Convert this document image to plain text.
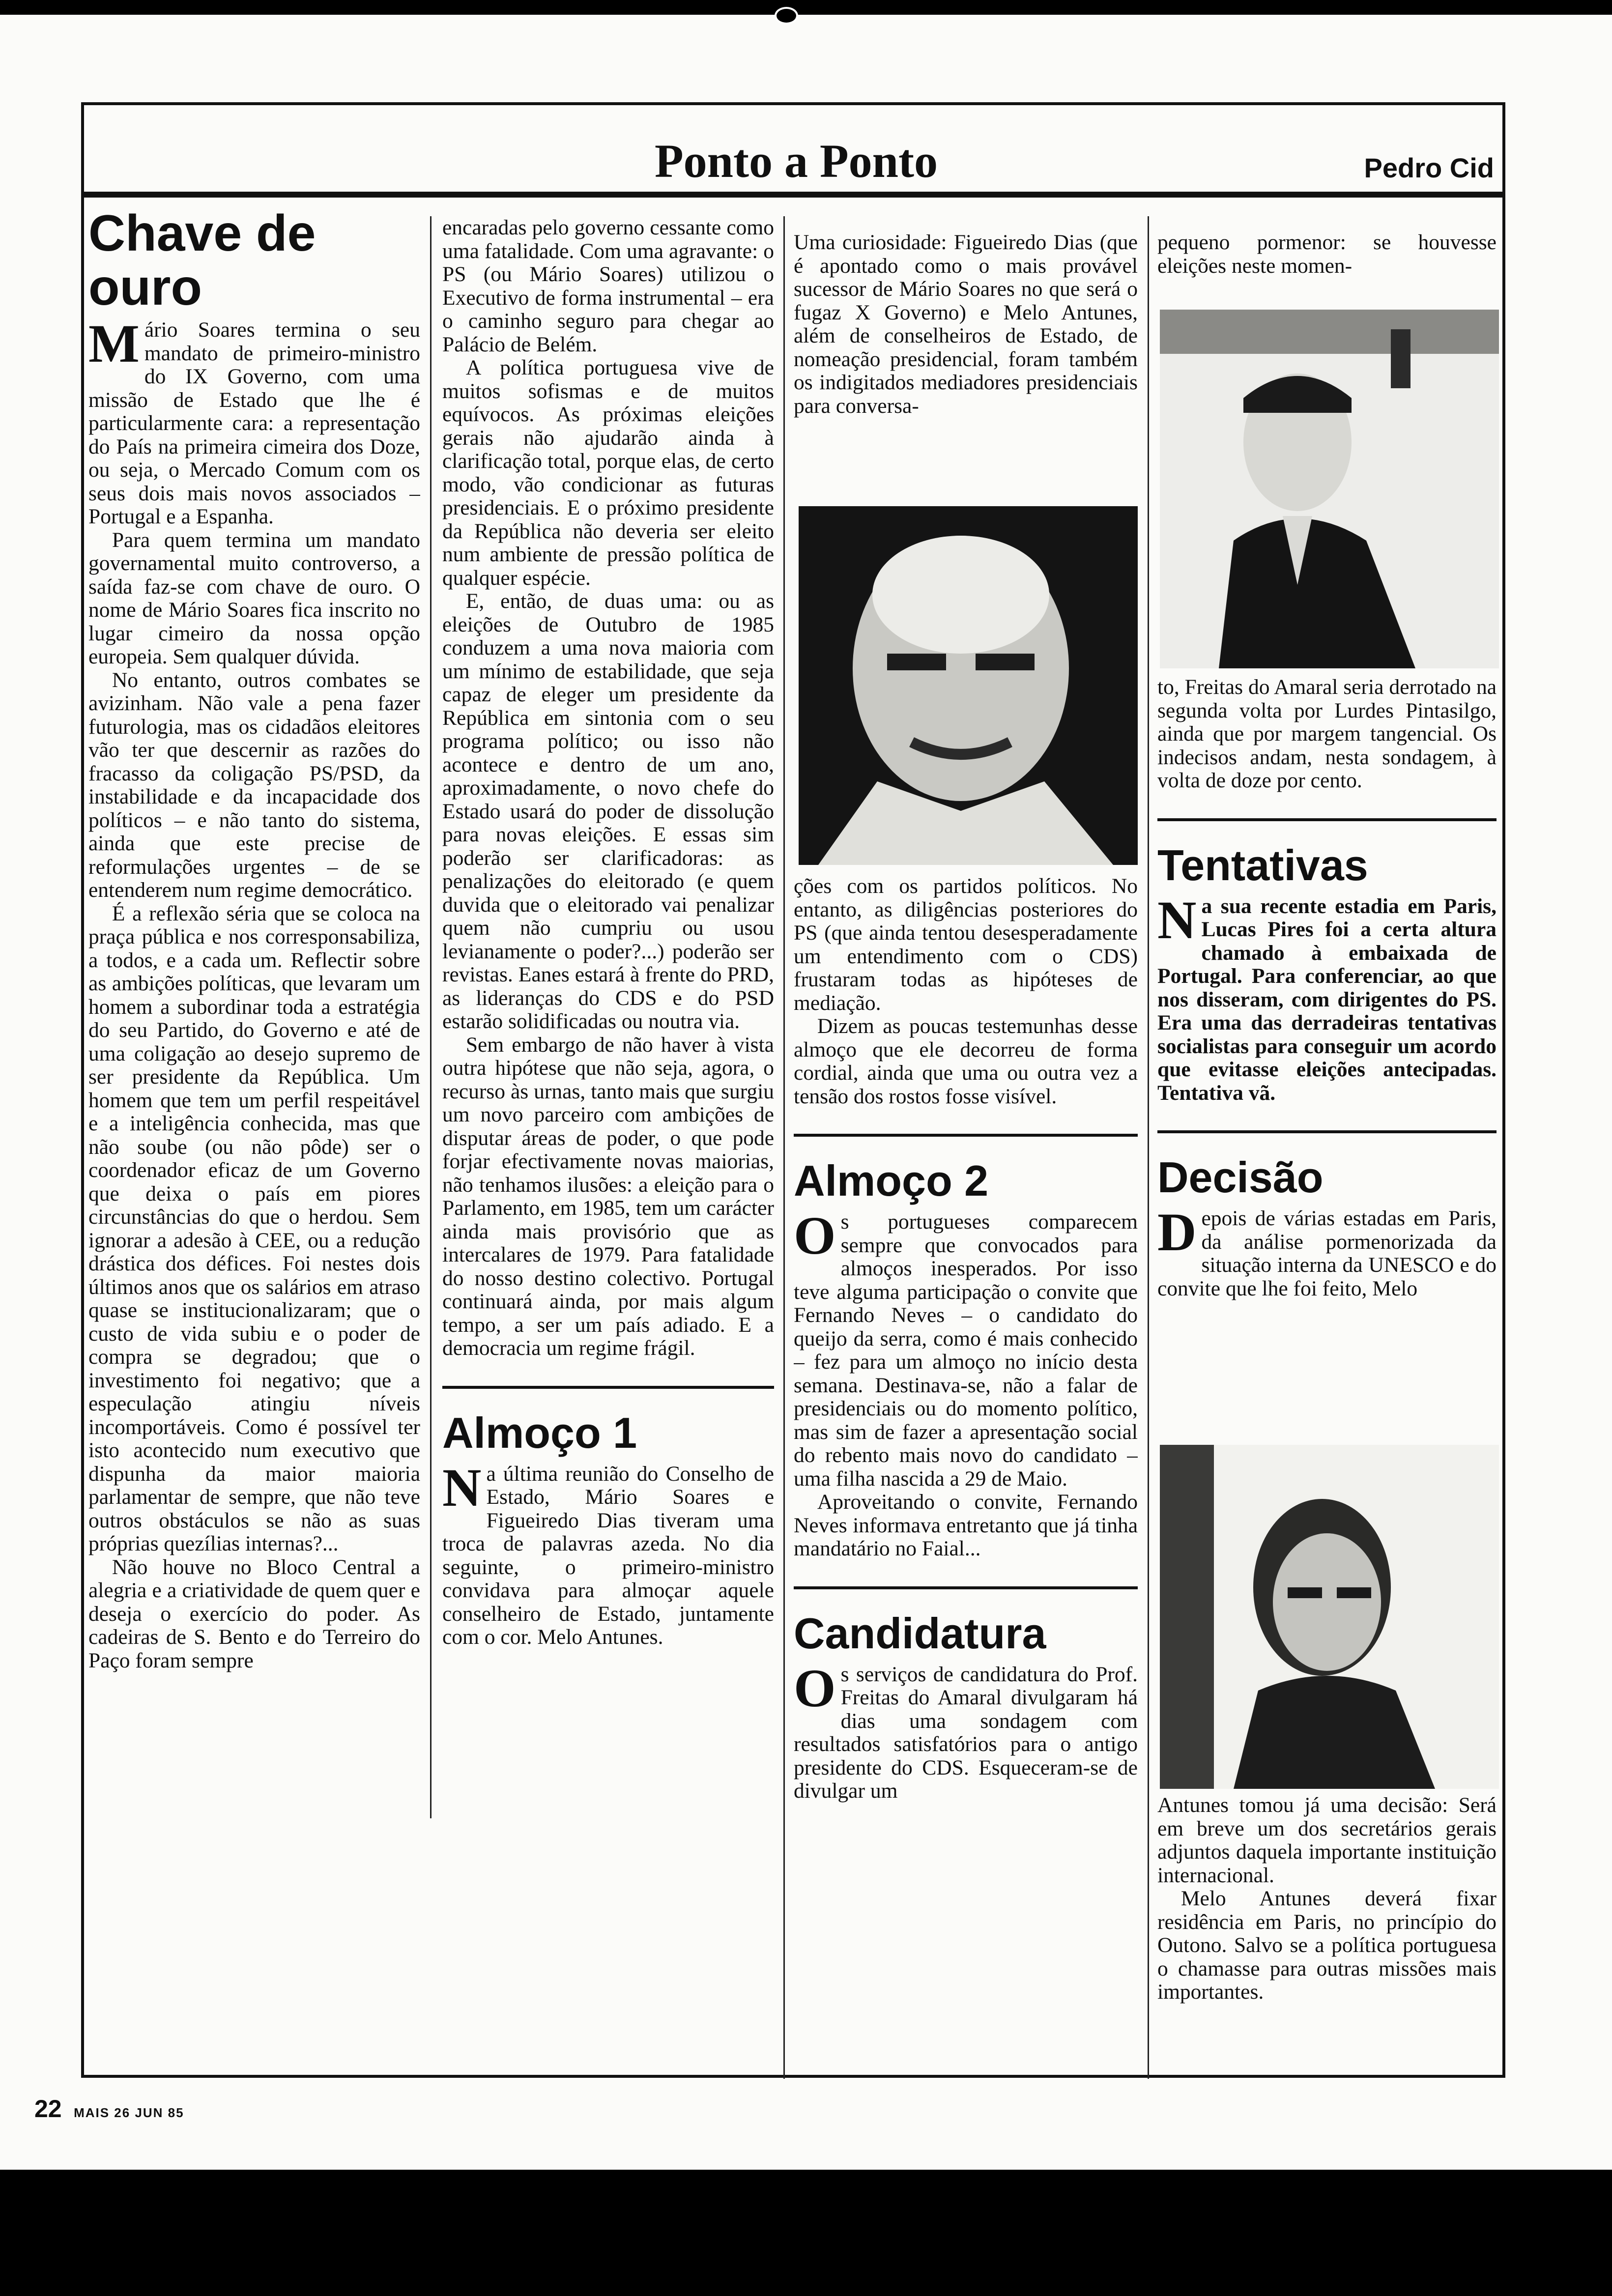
Ponto a Ponto	Pedro Cid
Chave de ouro

Mário Soares termina o seu mandato de primeiro-ministro do IX Governo, com uma missão de Estado que lhe é particularmente cara: a representação do País na primeira cimeira dos Doze, ou seja, o Mercado Comum com os seus dois mais novos associados – Portugal e a Espanha.

Para quem termina um mandato governamental muito controverso, a saída faz-se com chave de ouro. O nome de Mário Soares fica inscrito no lugar cimeiro da nossa opção europeia. Sem qualquer dúvida.

No entanto, outros combates se avizinham. Não vale a pena fazer futurologia, mas os cidadãos eleitores vão ter que descernir as razões do fracasso da coligação PS/PSD, da instabilidade e da incapacidade dos políticos – e não tanto do sistema, ainda que este precise de reformulações urgentes – de se entenderem num regime democrático.

É a reflexão séria que se coloca na praça pública e nos corresponsabiliza, a todos, e a cada um. Reflectir sobre as ambições políticas, que levaram um homem a subordinar toda a estratégia do seu Partido, do Governo e até de uma coligação ao desejo supremo de ser presidente da República. Um homem que tem um perfil respeitável e a inteligência conhecida, mas que não soube (ou não pôde) ser o coordenador eficaz de um Governo que deixa o país em piores circunstâncias do que o herdou. Sem ignorar a adesão à CEE, ou a redução drástica dos défices. Foi nestes dois últimos anos que os salários em atraso quase se institucionalizaram; que o custo de vida subiu e o poder de compra se degradou; que o investimento foi negativo; que a especulação atingiu níveis incomportáveis. Como é possível ter isto acontecido num executivo que dispunha da maior maioria parlamentar de sempre, que não teve outros obstáculos se não as suas próprias quezílias internas?...

Não houve no Bloco Central a alegria e a criatividade de quem quer e deseja o exercício do poder. As cadeiras de S. Bento e do Terreiro do Paço foram sempre

encaradas pelo governo cessante como uma fatalidade. Com uma agravante: o PS (ou Mário Soares) utilizou o Executivo de forma instrumental – era o caminho seguro para chegar ao Palácio de Belém.

A política portuguesa vive de muitos sofismas e de muitos equívocos. As próximas eleições gerais não ajudarão ainda à clarificação total, porque elas, de certo modo, vão condicionar as futuras presidenciais. E o próximo presidente da República não deveria ser eleito num ambiente de pressão política de qualquer espécie.

E, então, de duas uma: ou as eleições de Outubro de 1985 conduzem a uma nova maioria com um mínimo de estabilidade, que seja capaz de eleger um presidente da República em sintonia com o seu programa político; ou isso não acontece e dentro de um ano, aproximadamente, o novo chefe do Estado usará do poder de dissolução para novas eleições. E essas sim poderão ser clarificadoras: as penalizações do eleitorado (e quem duvida que o eleitorado vai penalizar quem não cumpriu ou usou levianamente o poder?...) poderão ser revistas. Eanes estará à frente do PRD, as lideranças do CDS e do PSD estarão solidificadas ou noutra via.

Sem embargo de não haver à vista outra hipótese que não seja, agora, o recurso às urnas, tanto mais que surgiu um novo parceiro com ambições de disputar áreas de poder, o que pode forjar efectivamente novas maiorias, não tenhamos ilusões: a eleição para o Parlamento, em 1985, tem um carácter ainda mais provisório que as intercalares de 1979. Para fatalidade do nosso destino colectivo. Portugal continuará ainda, por mais algum tempo, a ser um país adiado. E a democracia um regime frágil.

Almoço 1

Na última reunião do Conselho de Estado, Mário Soares e Figueiredo Dias tiveram uma troca de palavras azeda. No dia seguinte, o primeiro-ministro convidava para almoçar aquele conselheiro de Estado, juntamente com o cor. Melo Antunes.

Uma curiosidade: Figueiredo Dias (que é apontado como o mais provável sucessor de Mário Soares no que será o fugaz X Governo) e Melo Antunes, além de conselheiros de Estado, de nomeação presidencial, foram também os indigitados mediadores presidenciais para conversa-

ções com os partidos políticos. No entanto, as diligências posteriores do PS (que ainda tentou desesperadamente um entendimento com o CDS) frustaram todas as hipóteses de mediação.

Dizem as poucas testemunhas desse almoço que ele decorreu de forma cordial, ainda que uma ou outra vez a tensão dos rostos fosse visível.

Almoço 2

Os portugueses comparecem sempre que convocados para almoços inesperados. Por isso teve alguma participação o convite que Fernando Neves – o candidato do queijo da serra, como é mais conhecido – fez para um almoço no início desta semana. Destinava-se, não a falar de presidenciais ou do momento político, mas sim de fazer a apresentação social do rebento mais novo do candidato – uma filha nascida a 29 de Maio.

Aproveitando o convite, Fernando Neves informava entretanto que já tinha mandatário no Faial...

Candidatura

Os serviços de candidatura do Prof. Freitas do Amaral divulgaram há dias uma sondagem com resultados satisfatórios para o antigo presidente do CDS. Esqueceram-se de divulgar um

pequeno pormenor: se houvesse eleições neste momen-

to, Freitas do Amaral seria derrotado na segunda volta por Lurdes Pintasilgo, ainda que por margem tangencial. Os indecisos andam, nesta sondagem, à volta de doze por cento.

Tentativas

Na sua recente estadia em Paris, Lucas Pires foi a certa altura chamado à embaixada de Portugal. Para conferenciar, ao que nos disseram, com dirigentes do PS. Era uma das derradeiras tentativas socialistas para conseguir um acordo que evitasse eleições antecipadas. Tentativa vã.

Decisão

Depois de várias estadas em Paris, da análise pormenorizada da situação interna da UNESCO e do convite que lhe foi feito, Melo

Antunes tomou já uma decisão: Será em breve um dos secretários gerais adjuntos daquela importante instituição internacional.

Melo Antunes deverá fixar residência em Paris, no princípio do Outono. Salvo se a política portuguesa o chamasse para outras missões mais importantes.

22 MAIS 26 JUN 85
